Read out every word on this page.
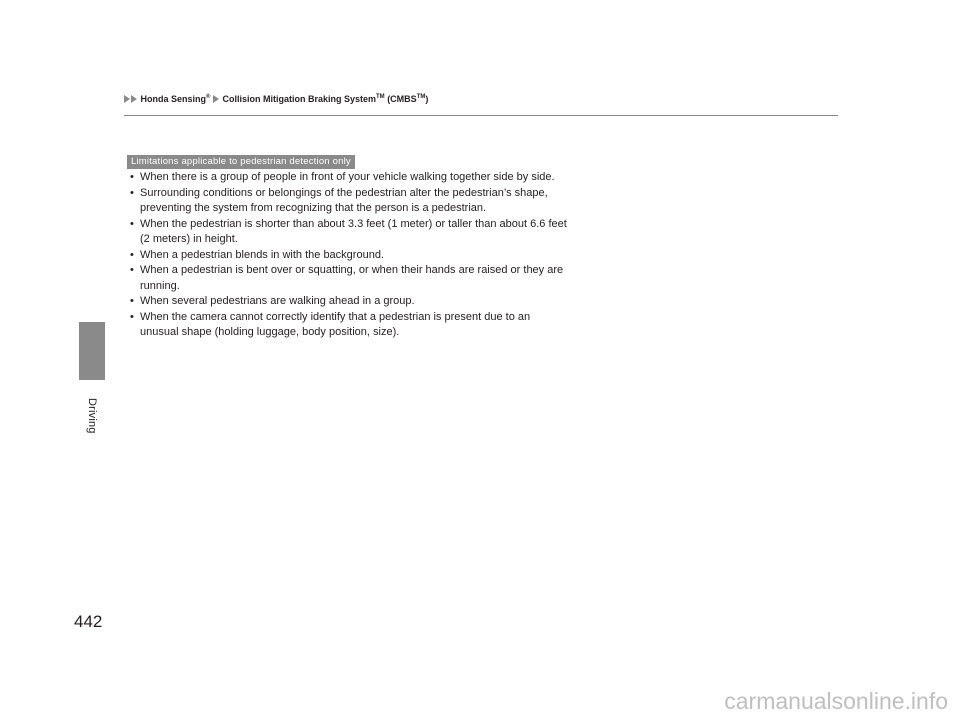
Honda Sensing® Collision Mitigation Braking System™ (CMBS™)
Driving
Limitations applicable to pedestrian detection only
• When there is a group of people in front of your vehicle walking together side by side.
• Surrounding conditions or belongings of the pedestrian alter the pedestrian’s shape, preventing the system from recognizing that the person is a pedestrian.
• When the pedestrian is shorter than about 3.3 feet (1 meter) or taller than about 6.6 feet (2 meters) in height.
• When a pedestrian blends in with the background.
• When a pedestrian is bent over or squatting, or when their hands are raised or they are running.
• When several pedestrians are walking ahead in a group.
• When the camera cannot correctly identify that a pedestrian is present due to an unusual shape (holding luggage, body position, size).
442
carmanualsonline.info
